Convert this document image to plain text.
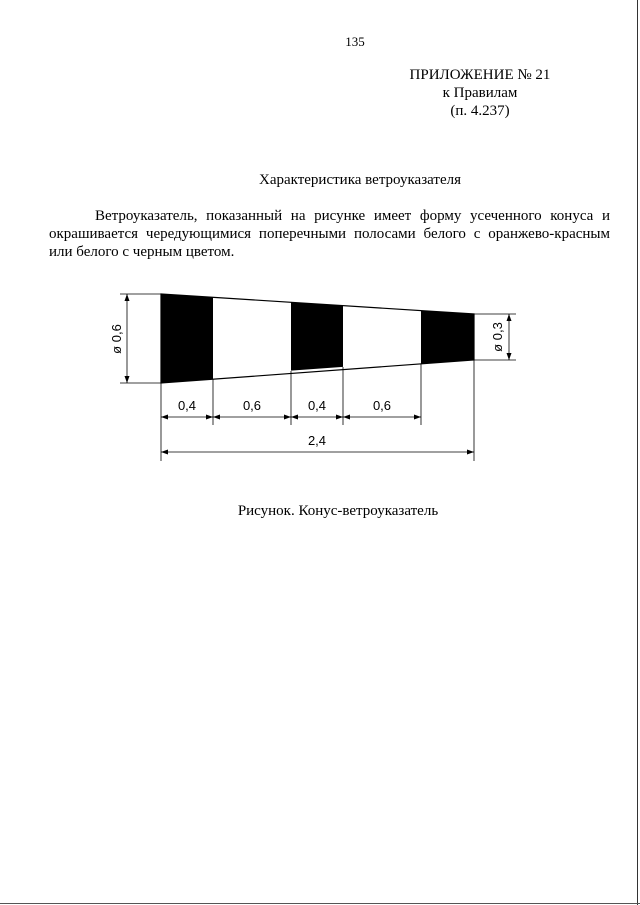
135
ПРИЛОЖЕНИЕ № 21
к Правилам
(п. 4.237)
Характеристика ветроуказателя
Ветроуказатель, показанный на рисунке имеет форму усеченного конуса и
окрашивается чередующимися поперечными полосами белого с оранжево-красным
или белого с черным цветом.
ø 0,6	ø 0,3
0,4	0,6	0,4	0,6
2,4
Рисунок. Конус-ветроуказатель
